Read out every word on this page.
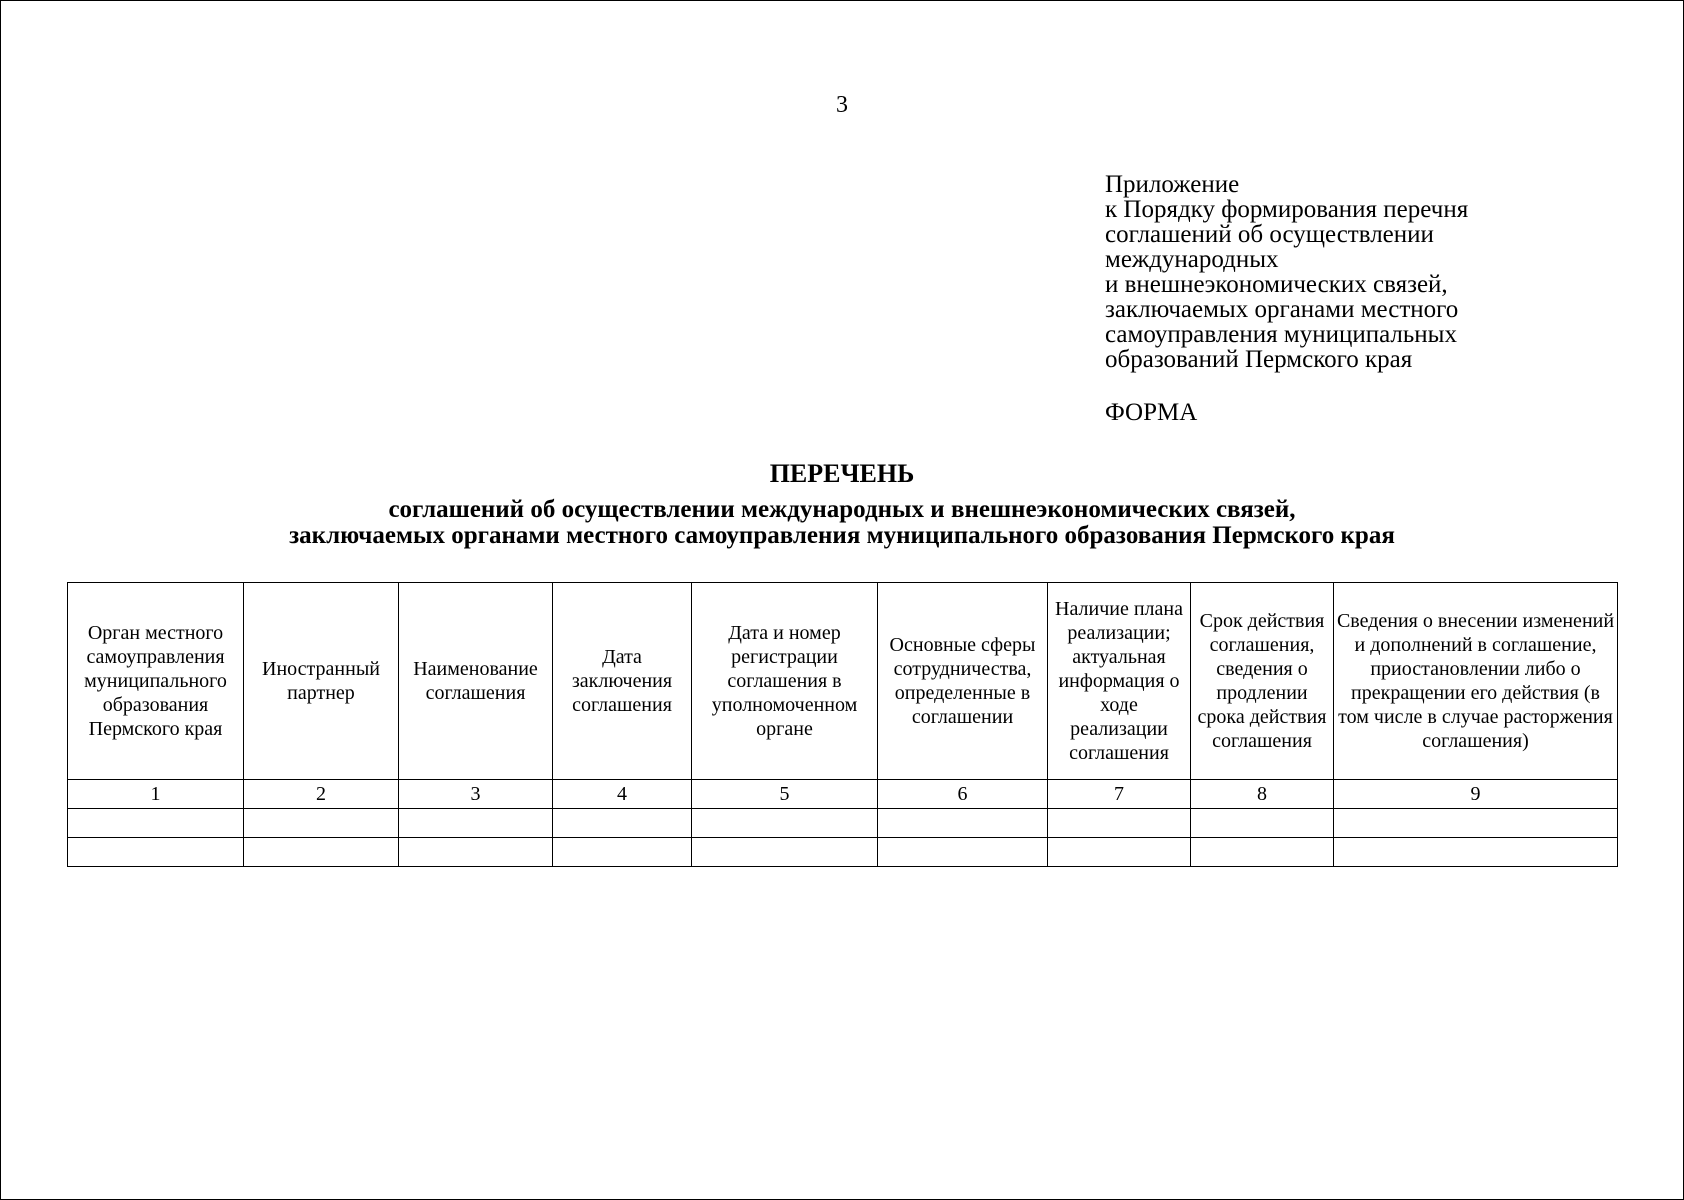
3
Приложение
к Порядку формирования перечня
соглашений об осуществлении
международных
и внешнеэкономических связей,
заключаемых органами местного
самоуправления муниципальных
образований Пермского края
ФОРМА
ПЕРЕЧЕНЬ
соглашений об осуществлении международных и внешнеэкономических связей,
заключаемых органами местного самоуправления муниципального образования Пермского края
Орган местного самоуправления муниципального образования Пермского края	Иностранный партнер	Наименование соглашения	Дата заключения соглашения	Дата и номер регистрации соглашения в уполномоченном органе	Основные сферы сотрудничества, определенные в соглашении	Наличие плана реализации; актуальная информация о ходе реализации соглашения	Срок действия соглашения, сведения о продлении срока действия соглашения	Сведения о внесении изменений и дополнений в соглашение, приостановлении либо о прекращении его действия (в том числе в случае расторжения соглашения)
1	2	3	4	5	6	7	8	9
